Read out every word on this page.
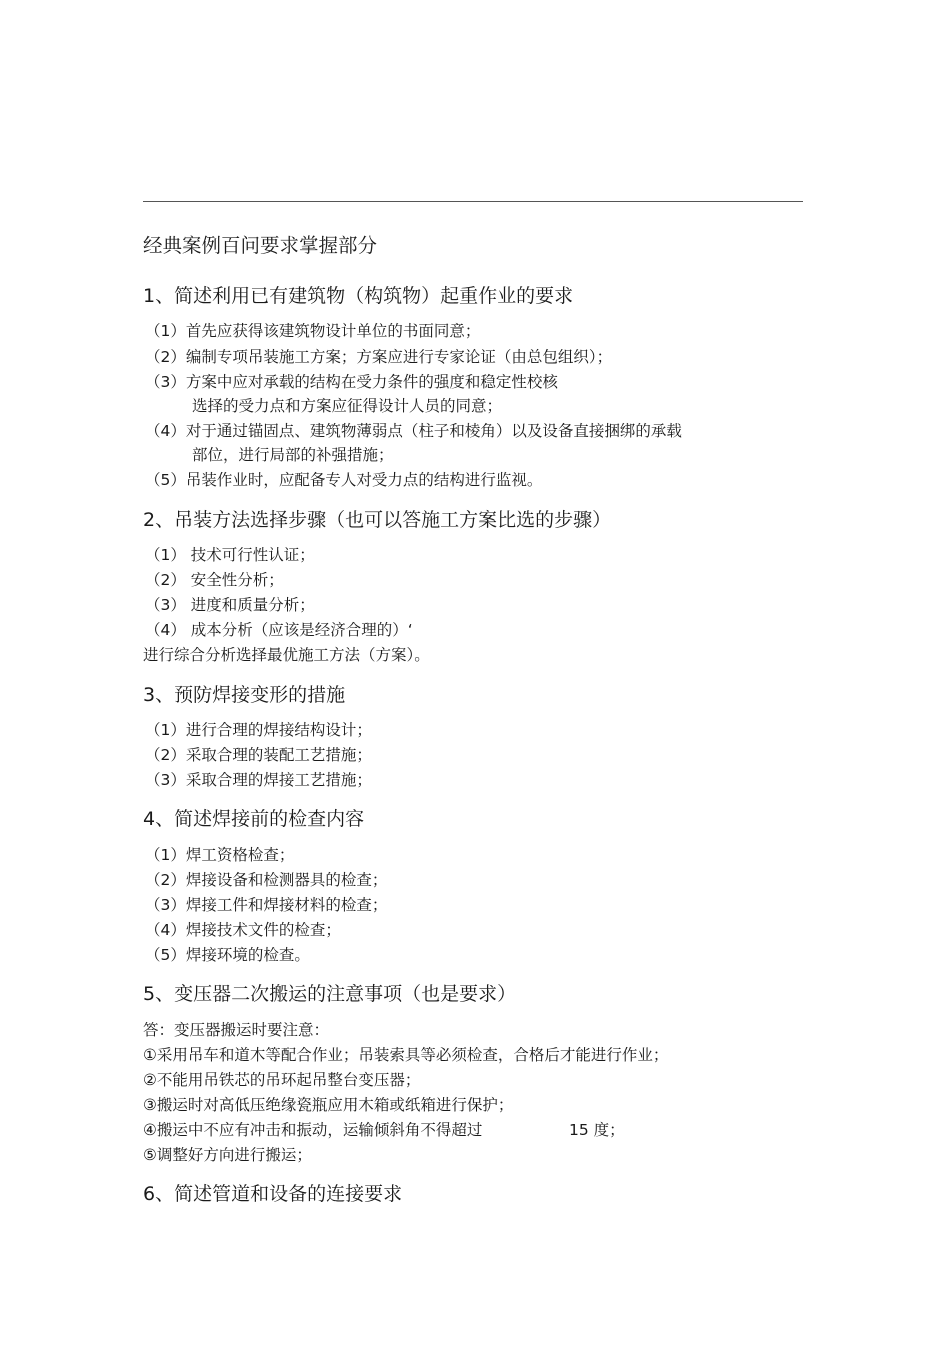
经典案例百问要求掌握部分
1、简述利用已有建筑物（构筑物）起重作业的要求
（1）首先应获得该建筑物设计单位的书面同意；
（2）编制专项吊装施工方案；方案应进行专家论证（由总包组织）；
（3）方案中应对承载的结构在受力条件的强度和稳定性校核
选择的受力点和方案应征得设计人员的同意；
（4）对于通过锚固点、建筑物薄弱点（柱子和棱角）以及设备直接捆绑的承载
部位，进行局部的补强措施；
（5）吊装作业时，应配备专人对受力点的结构进行监视。
2、吊装方法选择步骤（也可以答施工方案比选的步骤）
（1） 技术可行性认证；
（2） 安全性分析；
（3） 进度和质量分析；
（4） 成本分析（应该是经济合理的）‘
进行综合分析选择最优施工方法（方案）。
3、预防焊接变形的措施
（1）进行合理的焊接结构设计；
（2）采取合理的装配工艺措施；
（3）采取合理的焊接工艺措施；
4、简述焊接前的检查内容
（1）焊工资格检查；
（2）焊接设备和检测器具的检查；
（3）焊接工件和焊接材料的检查；
（4）焊接技术文件的检查；
（5）焊接环境的检查。
5、变压器二次搬运的注意事项（也是要求）
答：变压器搬运时要注意：
①采用吊车和道木等配合作业；吊装索具等必须检查，合格后才能进行作业；
②不能用吊铁芯的吊环起吊整台变压器；
③搬运时对高低压绝缘瓷瓶应用木箱或纸箱进行保护；
④搬运中不应有冲击和振动，运输倾斜角不得超过	15 度；
⑤调整好方向进行搬运；
6、简述管道和设备的连接要求
